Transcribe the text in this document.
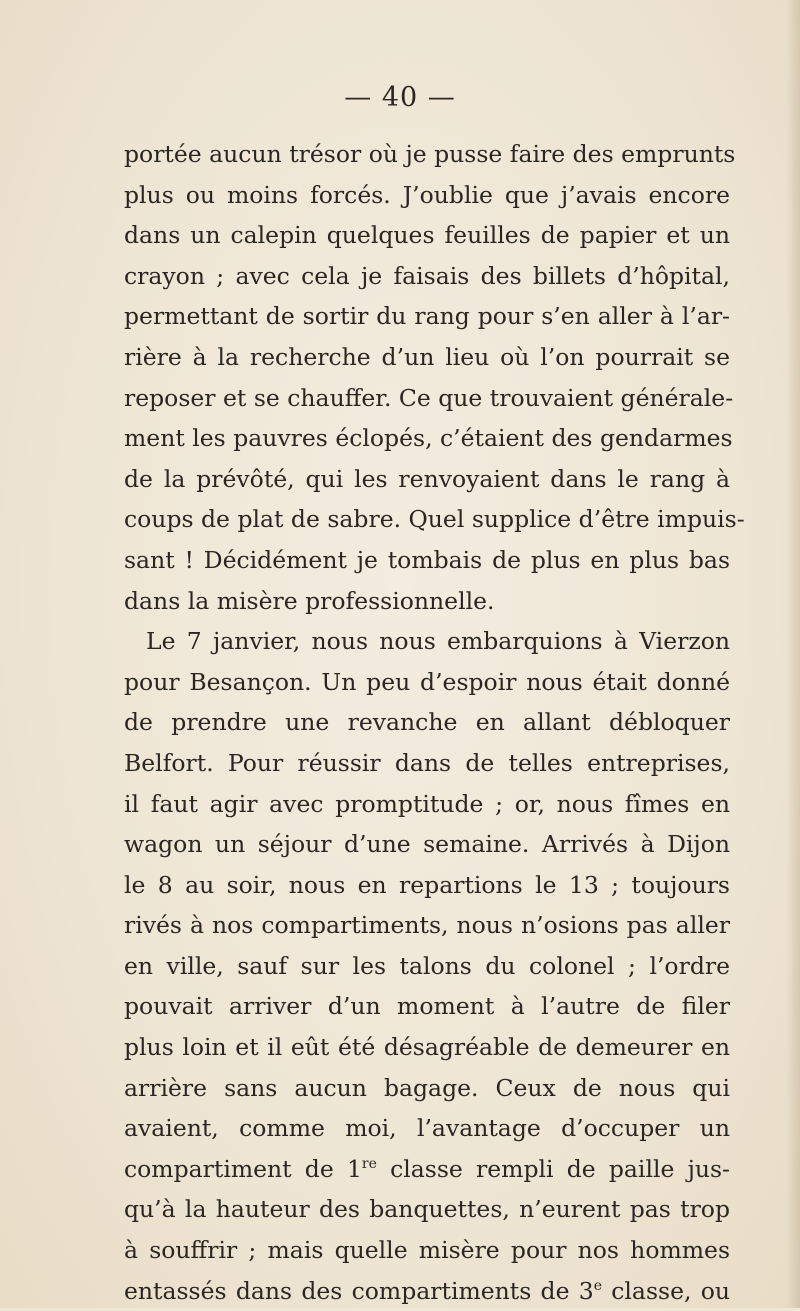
— 40 —
portée aucun trésor où je pusse faire des emprunts
plus ou moins forcés. J’oublie que j’avais encore
dans un calepin quelques feuilles de papier et un
crayon ; avec cela je faisais des billets d’hôpital,
permettant de sortir du rang pour s’en aller à l’ar-
rière à la recherche d’un lieu où l’on pourrait se
reposer et se chauffer. Ce que trouvaient générale-
ment les pauvres éclopés, c’étaient des gendarmes
de la prévôté, qui les renvoyaient dans le rang à
coups de plat de sabre. Quel supplice d’être impuis-
sant ! Décidément je tombais de plus en plus bas
dans la misère professionnelle.
Le 7 janvier, nous nous embarquions à Vierzon
pour Besançon. Un peu d’espoir nous était donné
de prendre une revanche en allant débloquer
Belfort. Pour réussir dans de telles entreprises,
il faut agir avec promptitude ; or, nous fîmes en
wagon un séjour d’une semaine. Arrivés à Dijon
le 8 au soir, nous en repartions le 13 ; toujours
rivés à nos compartiments, nous n’osions pas aller
en ville, sauf sur les talons du colonel ; l’ordre
pouvait arriver d’un moment à l’autre de filer
plus loin et il eût été désagréable de demeurer en
arrière sans aucun bagage. Ceux de nous qui
avaient, comme moi, l’avantage d’occuper un
compartiment de 1re classe rempli de paille jus-
qu’à la hauteur des banquettes, n’eurent pas trop
à souffrir ; mais quelle misère pour nos hommes
entassés dans des compartiments de 3e classe, ou
